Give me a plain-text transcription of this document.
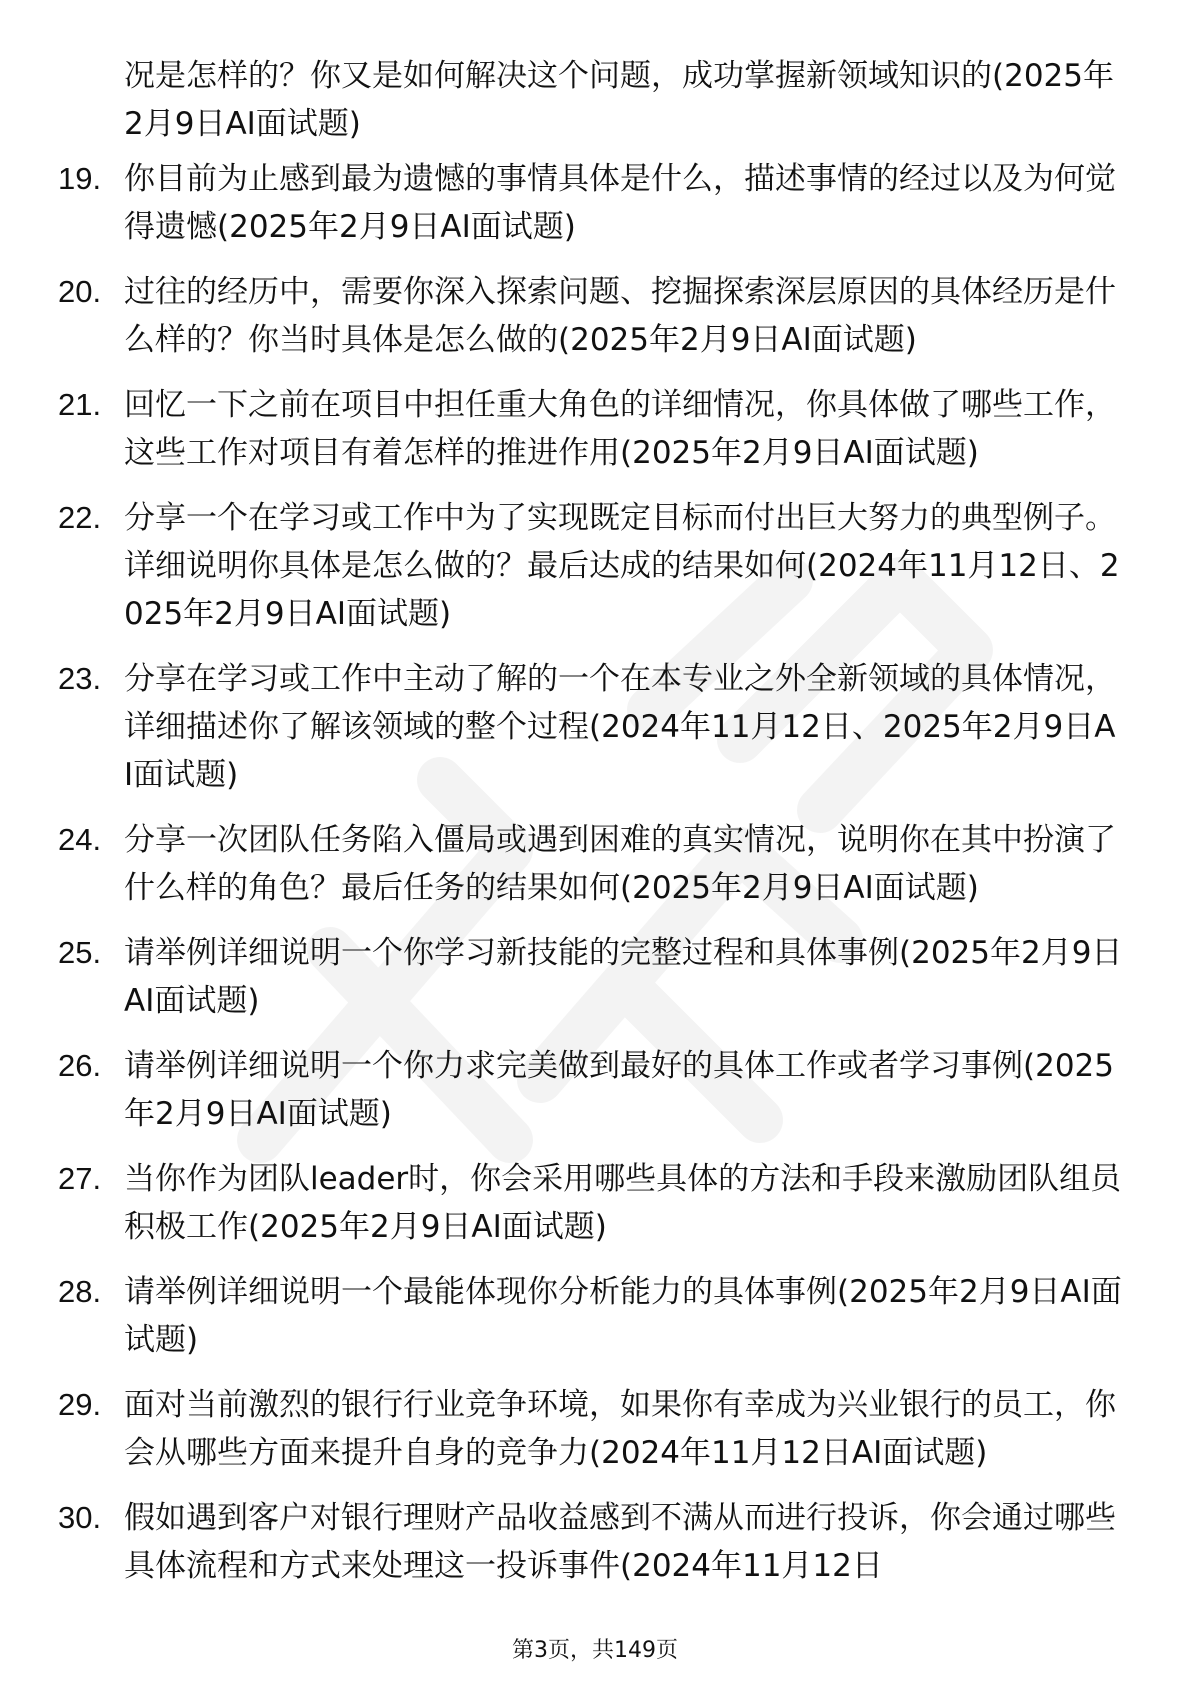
况是怎样的？你又是如何解决这个问题，成功掌握新领域知识的(2025年2月9日AI面试题)
19. 你目前为止感到最为遗憾的事情具体是什么，描述事情的经过以及为何觉得遗憾(2025年2月9日AI面试题)
20. 过往的经历中，需要你深入探索问题、挖掘探索深层原因的具体经历是什么样的？你当时具体是怎么做的(2025年2月9日AI面试题)
21. 回忆一下之前在项目中担任重大角色的详细情况，你具体做了哪些工作，这些工作对项目有着怎样的推进作用(2025年2月9日AI面试题)
22. 分享一个在学习或工作中为了实现既定目标而付出巨大努力的典型例子。详细说明你具体是怎么做的？最后达成的结果如何(2024年11月12日、2025年2月9日AI面试题)
23. 分享在学习或工作中主动了解的一个在本专业之外全新领域的具体情况，详细描述你了解该领域的整个过程(2024年11月12日、2025年2月9日AI面试题)
24. 分享一次团队任务陷入僵局或遇到困难的真实情况，说明你在其中扮演了什么样的角色？最后任务的结果如何(2025年2月9日AI面试题)
25. 请举例详细说明一个你学习新技能的完整过程和具体事例(2025年2月9日AI面试题)
26. 请举例详细说明一个你力求完美做到最好的具体工作或者学习事例(2025年2月9日AI面试题)
27. 当你作为团队leader时，你会采用哪些具体的方法和手段来激励团队组员积极工作(2025年2月9日AI面试题)
28. 请举例详细说明一个最能体现你分析能力的具体事例(2025年2月9日AI面试题)
29. 面对当前激烈的银行行业竞争环境，如果你有幸成为兴业银行的员工，你会从哪些方面来提升自身的竞争力(2024年11月12日AI面试题)
30. 假如遇到客户对银行理财产品收益感到不满从而进行投诉，你会通过哪些具体流程和方式来处理这一投诉事件(2024年11月12日
第3页，共149页
